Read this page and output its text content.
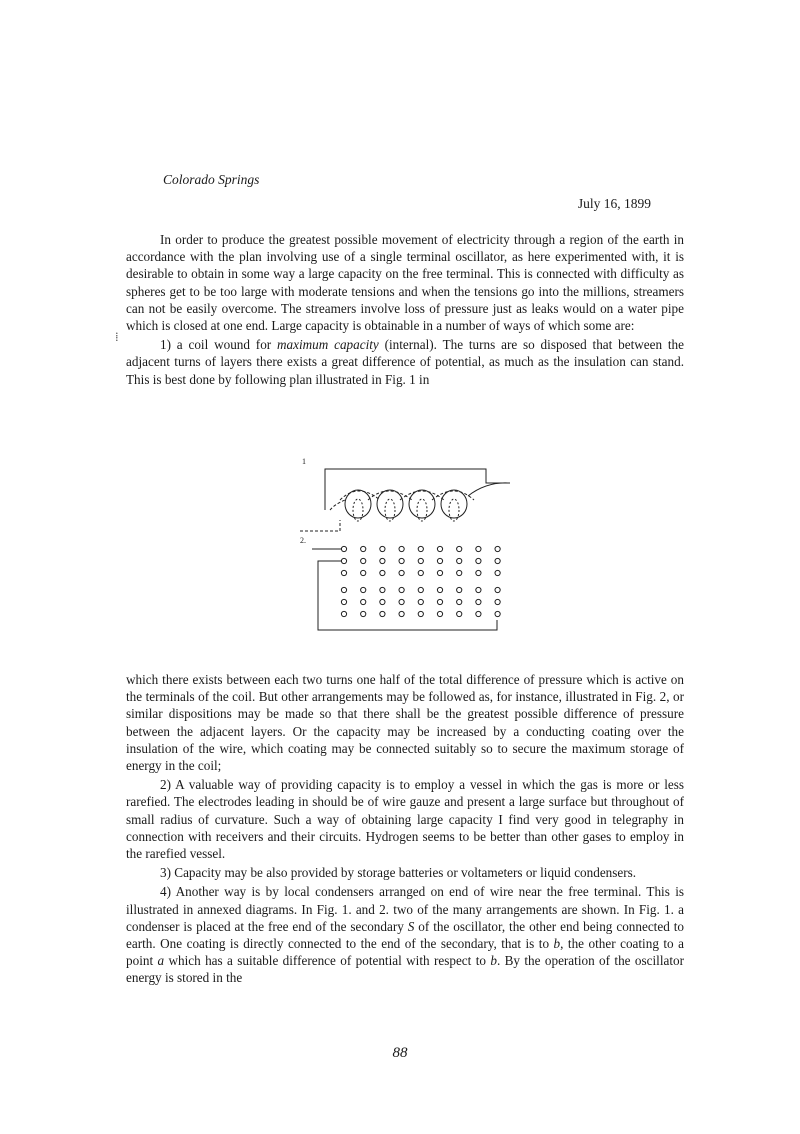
Colorado Springs
July 16, 1899
⁞

In order to produce the greatest possible movement of electricity through a region of the earth in accordance with the plan involving use of a single terminal oscillator, as here experimented with, it is desirable to obtain in some way a large capacity on the free terminal. This is connected with difficulty as spheres get to be too large with moderate tensions and when the tensions go into the millions, streamers can not be easily overcome. The streamers involve loss of pressure just as leaks would on a water pipe which is closed at one end. Large capacity is obtainable in a number of ways of which some are:

1) a coil wound for maximum capacity (internal). The turns are so disposed that between the adjacent turns of layers there exists a great difference of potential, as much as the insulation can stand. This is best done by following plan illustrated in Fig. 1 in

1
2.

which there exists between each two turns one half of the total difference of pressure which is active on the terminals of the coil. But other arrangements may be followed as, for instance, illustrated in Fig. 2, or similar dispositions may be made so that there shall be the greatest possible difference of pressure between the adjacent layers. Or the capacity may be increased by a conducting coating over the insulation of the wire, which coating may be connected suitably so to secure the maximum storage of energy in the coil;

2) A valuable way of providing capacity is to employ a vessel in which the gas is more or less rarefied. The electrodes leading in should be of wire gauze and present a large surface but throughout of small radius of curvature. Such a way of obtaining large capacity I find very good in telegraphy in connection with receivers and their circuits. Hydrogen seems to be better than other gases to employ in the rarefied vessel.

3) Capacity may be also provided by storage batteries or voltameters or liquid condensers.

4) Another way is by local condensers arranged on end of wire near the free terminal. This is illustrated in annexed diagrams. In Fig. 1. and 2. two of the many arrangements are shown. In Fig. 1. a condenser is placed at the free end of the secondary S of the oscillator, the other end being connected to earth. One coating is directly connected to the end of the secondary, that is to b, the other coating to a point a which has a suitable difference of potential with respect to b. By the operation of the oscillator energy is stored in the

88
